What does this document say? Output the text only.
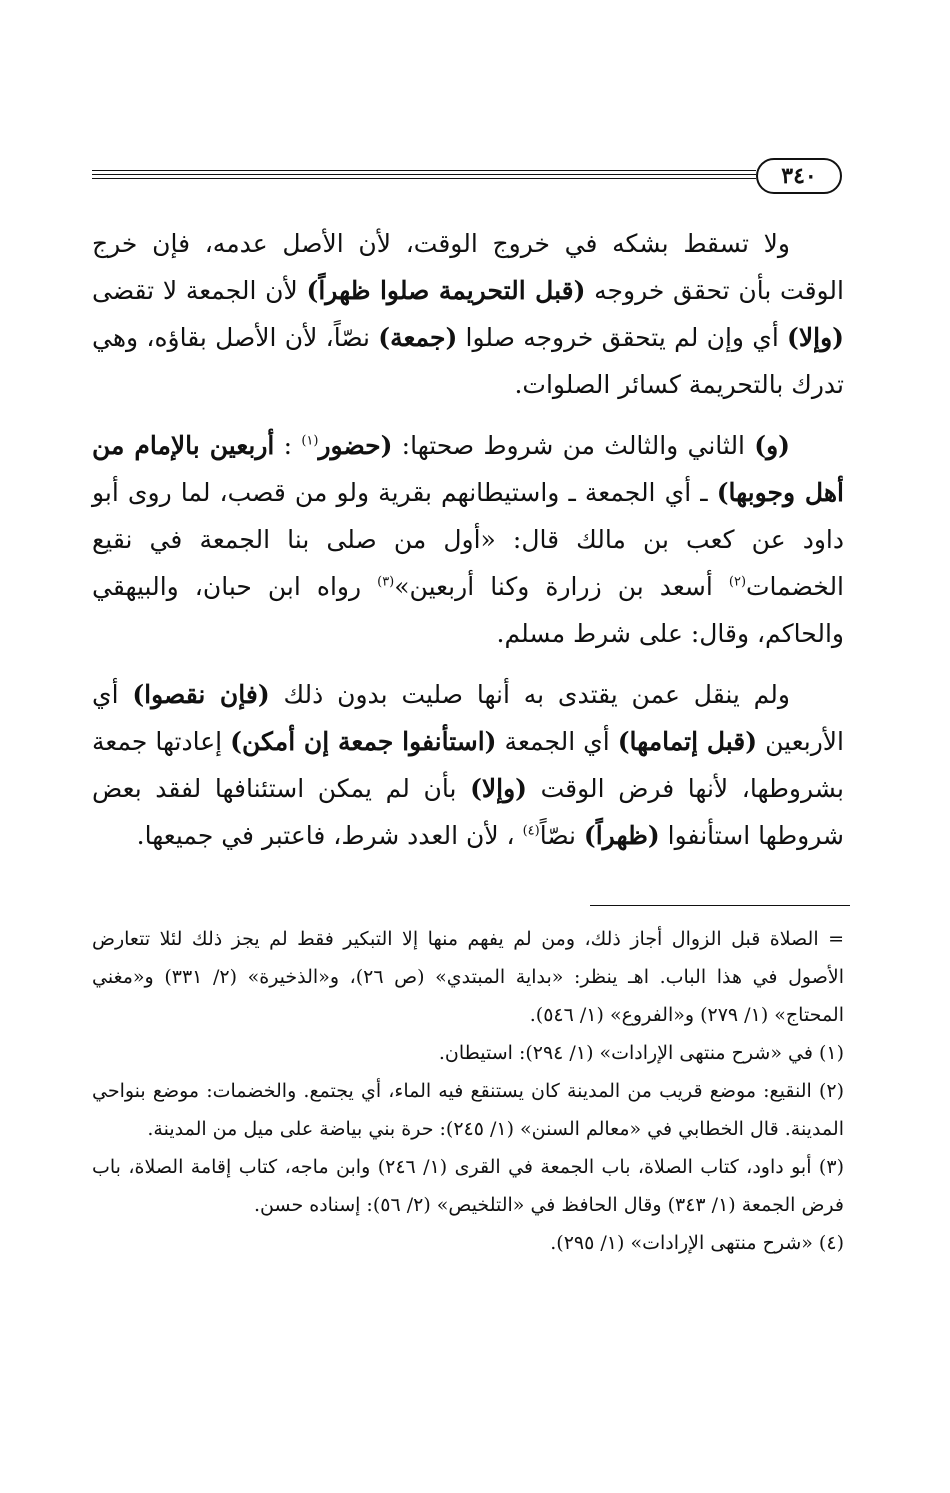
٣٤٠

ولا تسقط بشكه في خروج الوقت، لأن الأصل عدمه، فإن خرج الوقت بأن تحقق خروجه (قبل التحريمة صلوا ظهراً) لأن الجمعة لا تقضى (وإلا) أي وإن لم يتحقق خروجه صلوا (جمعة) نصّاً، لأن الأصل بقاؤه، وهي تدرك بالتحريمة كسائر الصلوات.

(و) الثاني والثالث من شروط صحتها: (حضور$^{(١)}$ : أربعين بالإمام من أهل وجوبها) ـ أي الجمعة ـ واستيطانهم بقرية ولو من قصب، لما روى أبو داود عن كعب بن مالك قال: «أول من صلى بنا الجمعة في نقيع الخضمات$^{(٢)}$ أسعد بن زرارة وكنا أربعين»$^{(٣)}$ رواه ابن حبان، والبيهقي والحاكم، وقال: على شرط مسلم.

ولم ينقل عمن يقتدى به أنها صليت بدون ذلك (فإن نقصوا) أي الأربعين (قبل إتمامها) أي الجمعة (استأنفوا جمعة إن أمكن) إعادتها جمعة بشروطها، لأنها فرض الوقت (وإلا) بأن لم يمكن استئنافها لفقد بعض شروطها استأنفوا (ظهراً) نصّاً$^{(٤)}$ ، لأن العدد شرط، فاعتبر في جميعها.

= الصلاة قبل الزوال أجاز ذلك، ومن لم يفهم منها إلا التبكير فقط لم يجز ذلك لئلا تتعارض الأصول في هذا الباب. اهـ ينظر: «بداية المبتدي» (ص ٢٦)، و«الذخيرة» (٢/ ٣٣١) و«مغني المحتاج» (١/ ٢٧٩) و«الفروع» (١/ ٥٤٦).

(١) في «شرح منتهى الإرادات» (١/ ٢٩٤): استيطان.

(٢) النقيع: موضع قريب من المدينة كان يستنقع فيه الماء، أي يجتمع. والخضمات: موضع بنواحي المدينة. قال الخطابي في «معالم السنن» (١/ ٢٤٥): حرة بني بياضة على ميل من المدينة.

(٣) أبو داود، كتاب الصلاة، باب الجمعة في القرى (١/ ٢٤٦) وابن ماجه، كتاب إقامة الصلاة، باب فرض الجمعة (١/ ٣٤٣) وقال الحافظ في «التلخيص» (٢/ ٥٦): إسناده حسن.

(٤) «شرح منتهى الإرادات» (١/ ٢٩٥).
